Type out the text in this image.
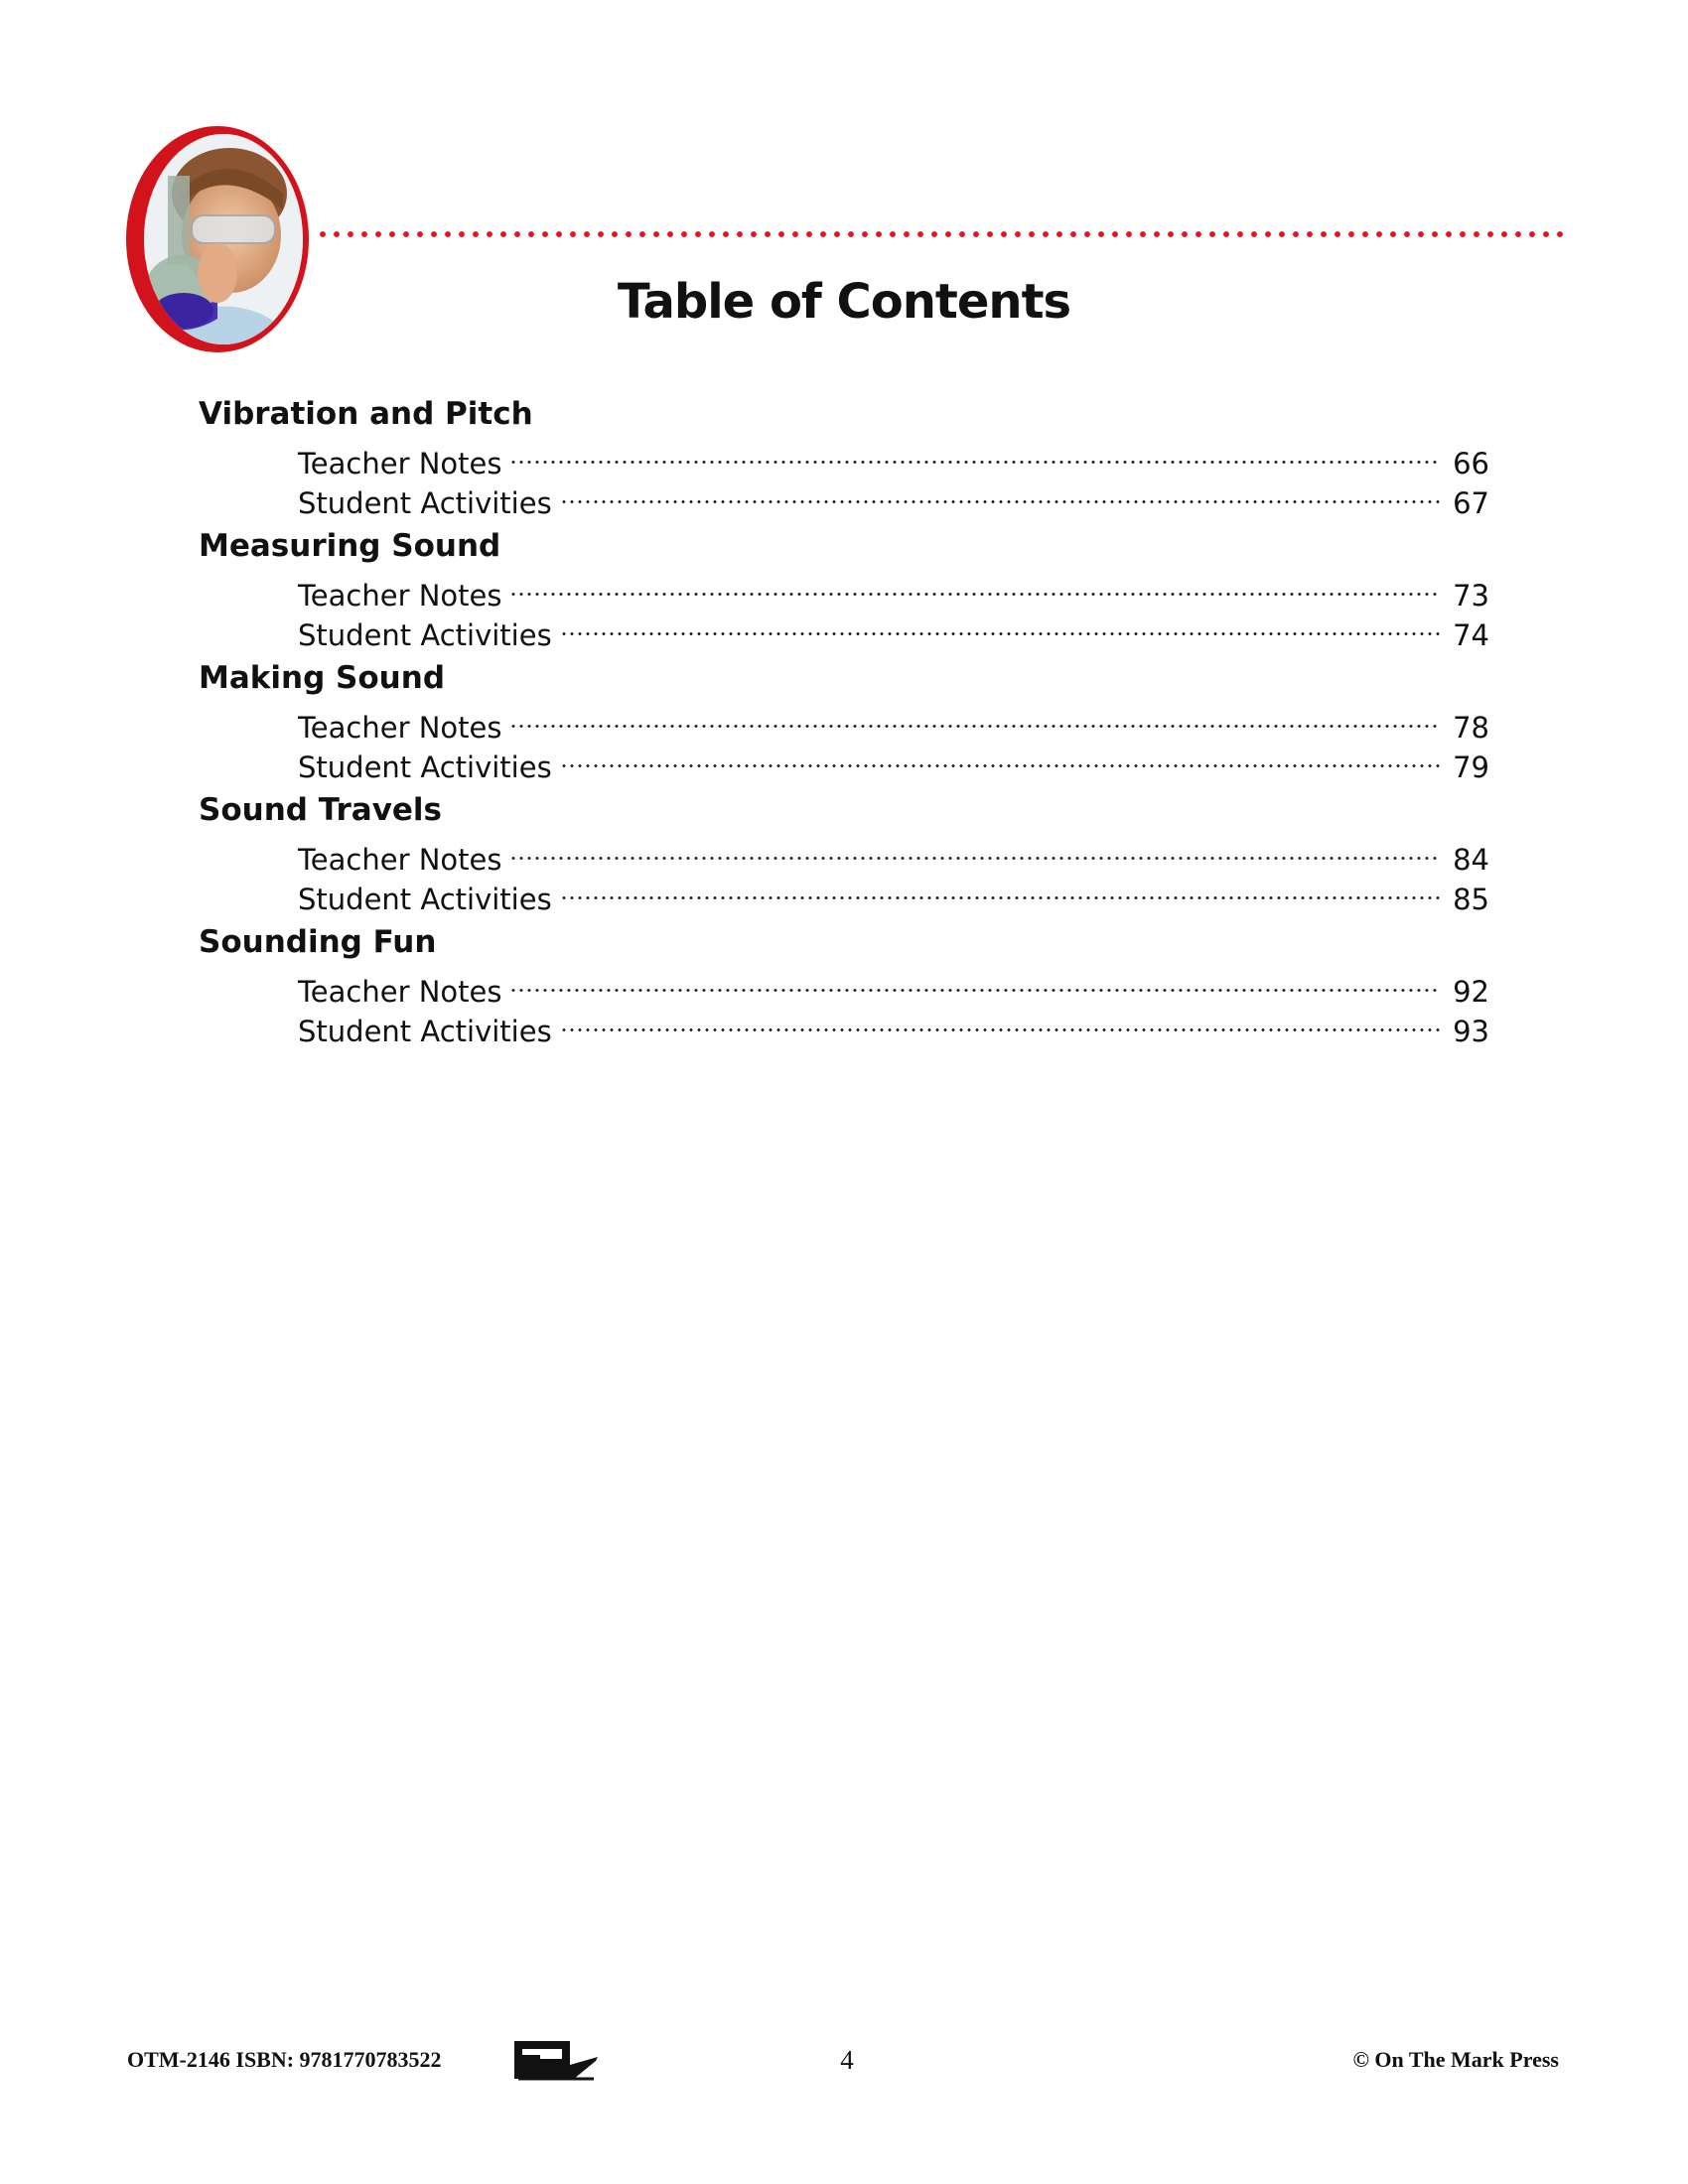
Table of Contents
Vibration and Pitch
Teacher Notes	66
Student Activities	67
Measuring Sound
Teacher Notes	73
Student Activities	74
Making Sound
Teacher Notes	78
Student Activities	79
Sound Travels
Teacher Notes	84
Student Activities	85
Sounding Fun
Teacher Notes	92
Student Activities	93
OTM-2146 ISBN: 9781770783522	4	© On The Mark Press
